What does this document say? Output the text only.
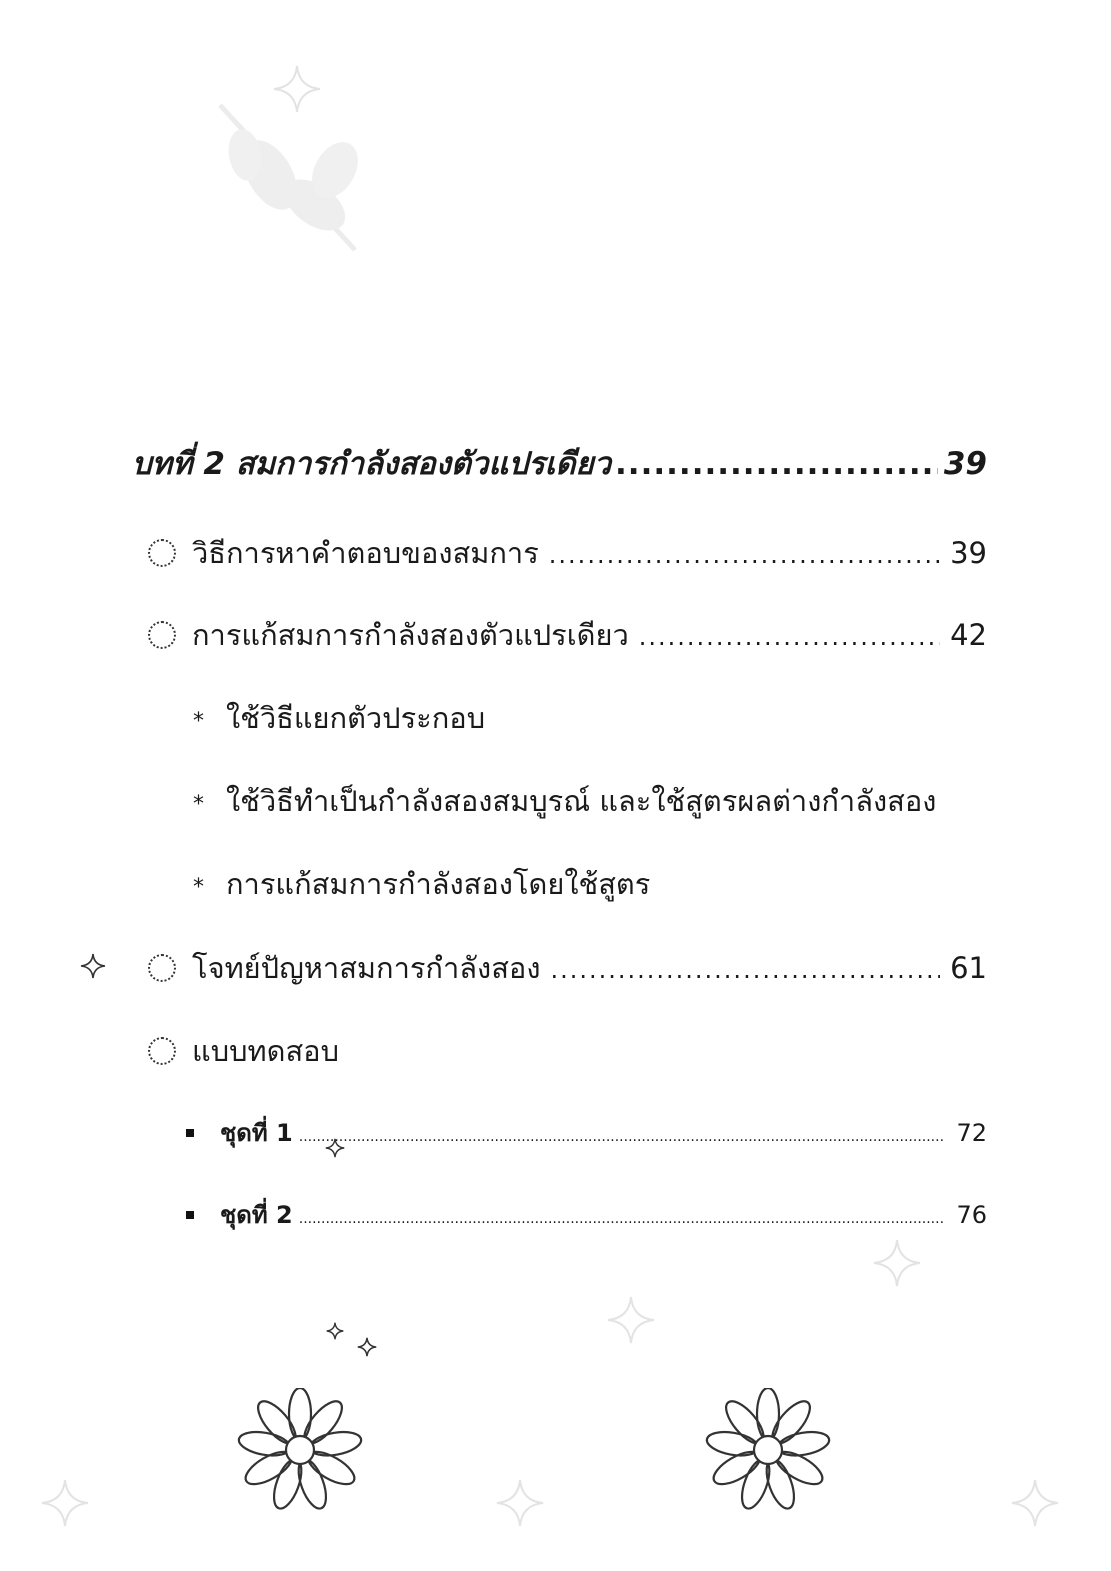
บทที่ 2 สมการกำลังสองตัวแปรเดียว .....	39
วิธีการหาคำตอบของสมการ .....	39
การแก้สมการกำลังสองตัวแปรเดียว .....	42
* ใช้วิธีแยกตัวประกอบ
* ใช้วิธีทำเป็นกำลังสองสมบูรณ์ และใช้สูตรผลต่างกำลังสอง
* การแก้สมการกำลังสองโดยใช้สูตร
โจทย์ปัญหาสมการกำลังสอง .....	61
แบบทดสอบ
ชุดที่ 1 .....	72
ชุดที่ 2 .....	76
